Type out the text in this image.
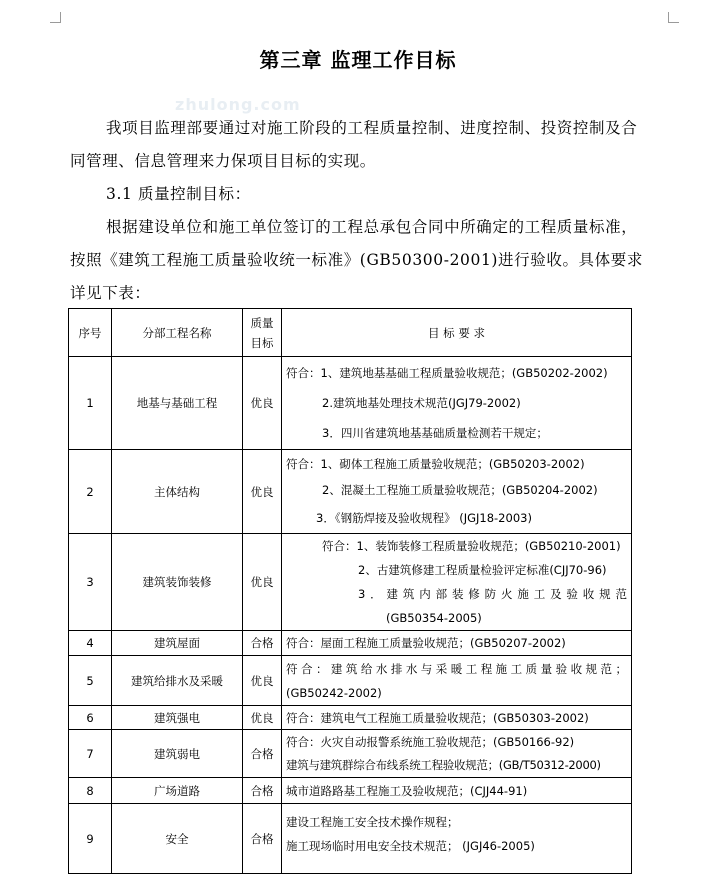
zhulong.com
第三章 监理工作目标
我项目监理部要通过对施工阶段的工程质量控制、进度控制、投资控制及合同管理、信息管理来力保项目目标的实现。
3.1 质量控制目标：
根据建设单位和施工单位签订的工程总承包合同中所确定的工程质量标准，按照《建筑工程施工质量验收统一标准》(GB50300-2001)进行验收。具体要求详见下表：
序号	分部工程名称	质量目标	目 标 要 求
1	地基与基础工程	优良	符合：1、建筑地基基础工程质量验收规范；(GB50202-2002)
2.建筑地基处理技术规范(JGJ79-2002)
3．四川省建筑地基基础质量检测若干规定；

2	主体结构	优良	符合：1、砌体工程施工质量验收规范；(GB50203-2002)
2、混凝土工程施工质量验收规范；(GB50204-2002)
3．《钢筋焊接及验收规程》 (JGJ18-2003)

3	建筑装饰装修	优良	符合：1、装饰装修工程质量验收规范；(GB50210-2001)
2、古建筑修建工程质量检验评定标准(CJJ70-96)
3．建筑内部装修防火施工及验收规范
(GB50354-2005)

4	建筑屋面	合格	符合：屋面工程施工质量验收规范；(GB50207-2002)

5	建筑给排水及采暖	优良	符合：建筑给水排水与采暖工程施工质量验收规范；
(GB50242-2002)

6	建筑强电	优良	符合：建筑电气工程施工质量验收规范；(GB50303-2002)

7	建筑弱电	合格	符合：火灾自动报警系统施工验收规范；(GB50166-92)
建筑与建筑群综合布线系统工程验收规范；(GB/T50312-2000)

8	广场道路	合格	城市道路路基工程施工及验收规范；(CJJ44-91)

9	安全	合格	建设工程施工安全技术操作规程；
施工现场临时用电安全技术规范； (JGJ46-2005)
